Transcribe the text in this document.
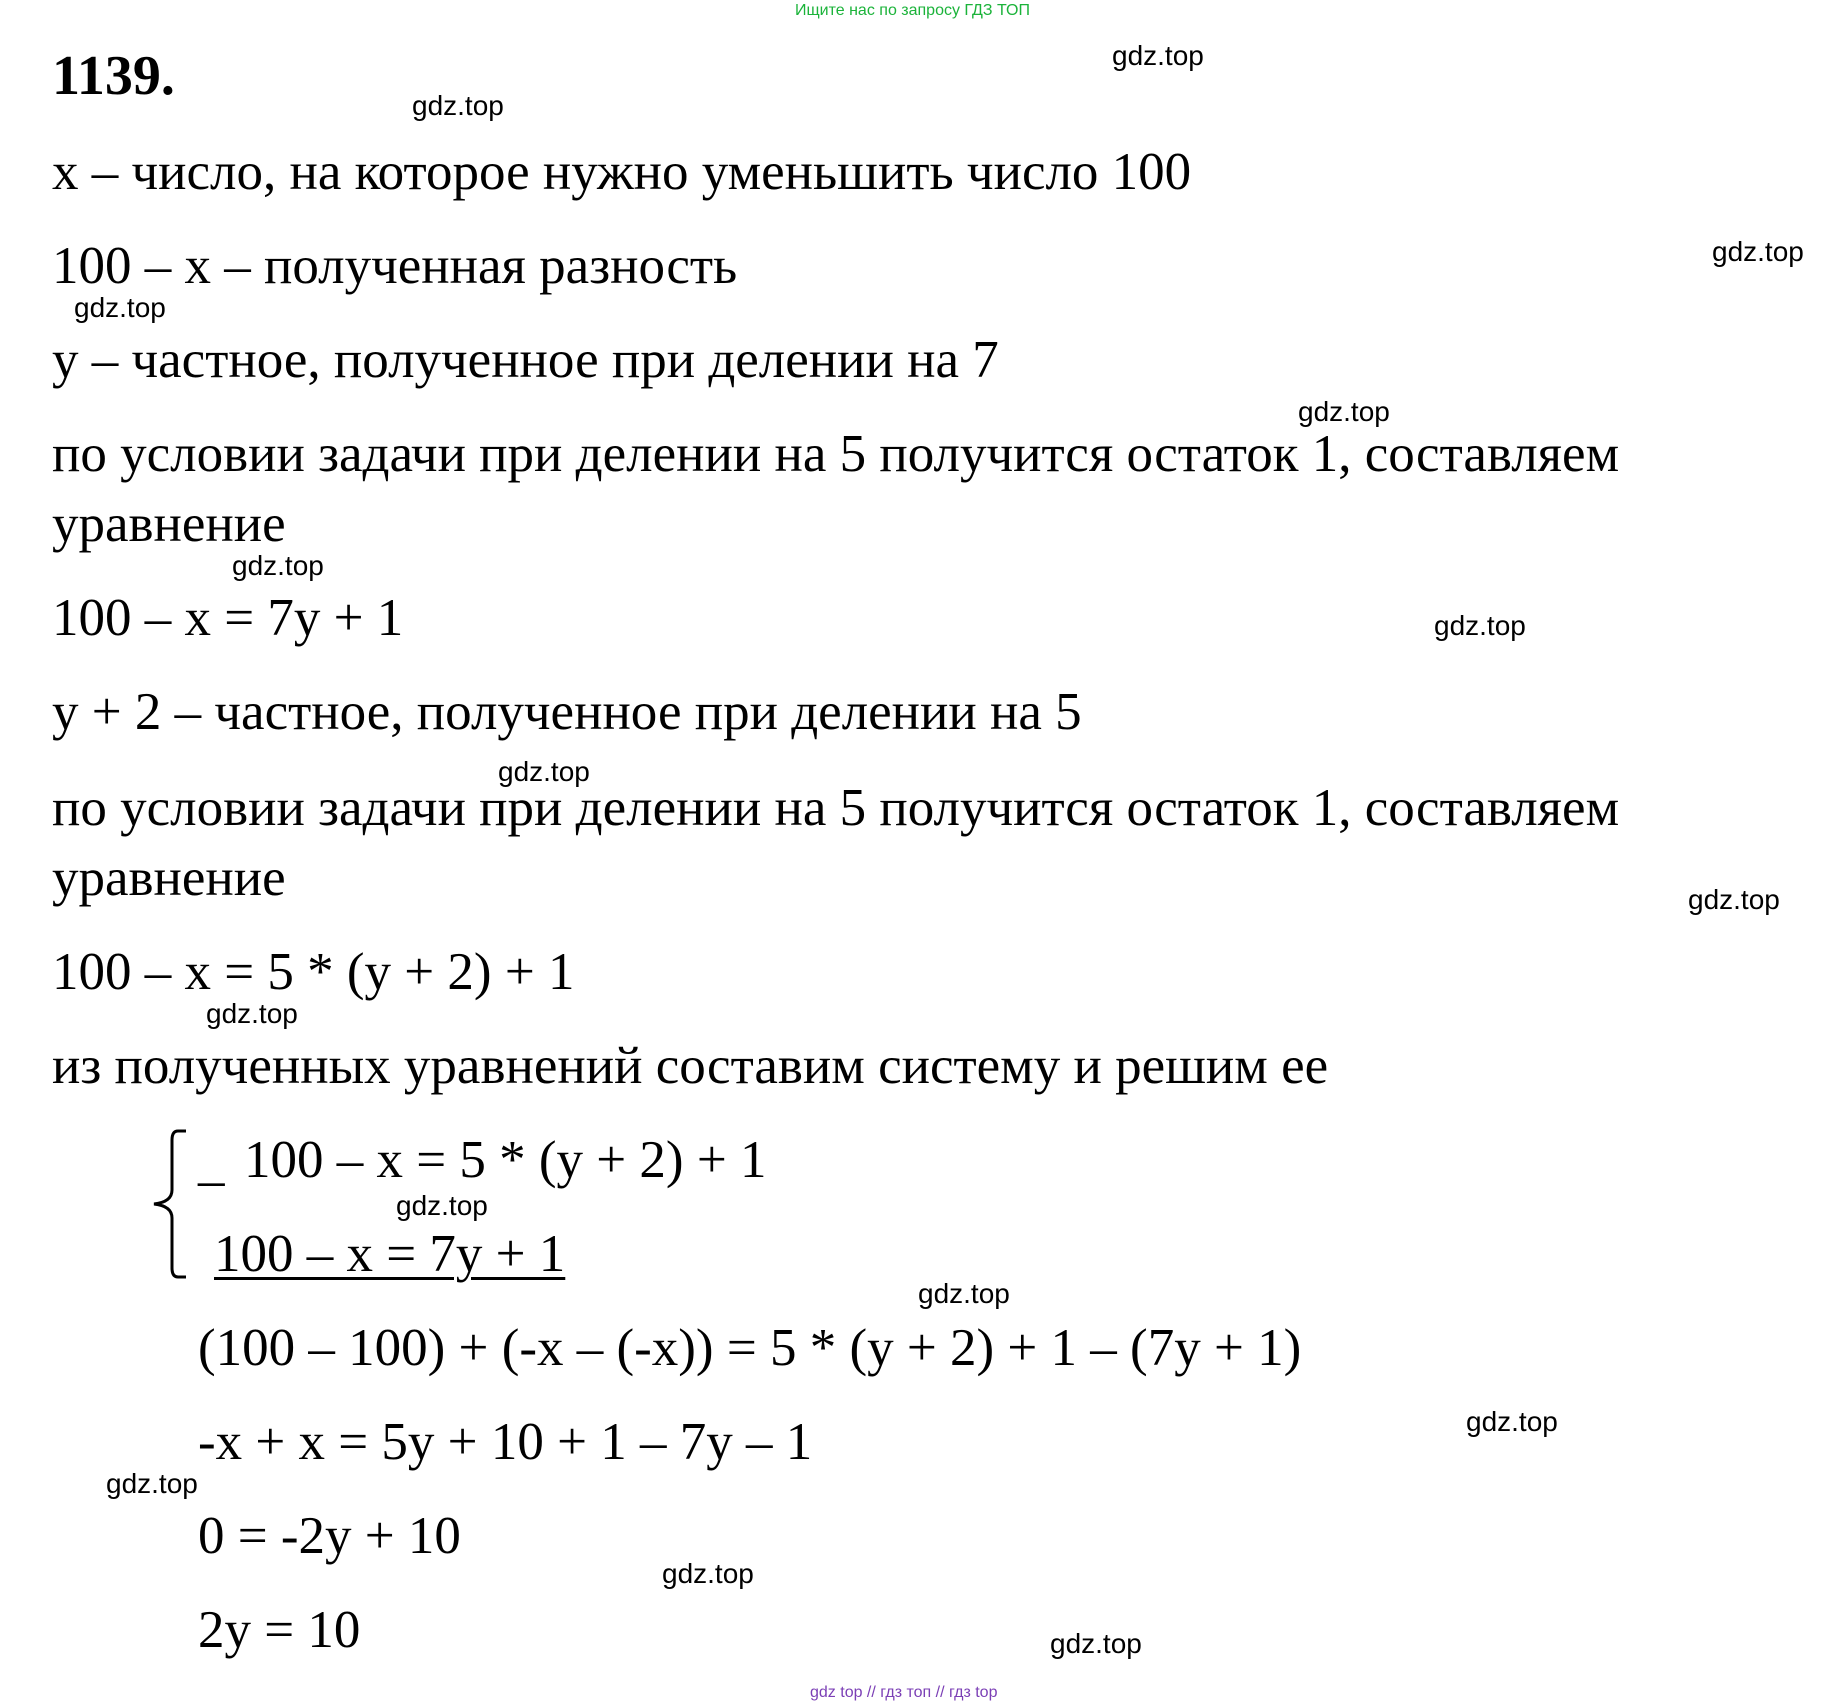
Ищите нас по запросу ГДЗ ТОП
1139.
x – число, на которое нужно уменьшить число 100
100 – x – полученная разность
y – частное, полученное при делении на 7
по условии задачи при делении на 5 получится остаток 1, составляем
уравнение
100 – x = 7y + 1
y + 2 – частное, полученное при делении на 5
по условии задачи при делении на 5 получится остаток 1, составляем
уравнение
100 – x = 5 * (y + 2) + 1
из полученных уравнений составим систему и решим ее
_ 100 – x = 5 * (y + 2) + 1
100 – x = 7y + 1
(100 – 100) + (-x – (-x)) = 5 * (y + 2) + 1 – (7y + 1)
-x + x = 5y + 10 + 1 – 7y – 1
0 = -2y + 10
2y = 10
gdz.top
gdz.top
gdz.top
gdz.top
gdz.top
gdz.top
gdz.top
gdz.top
gdz.top
gdz.top
gdz.top
gdz.top
gdz.top
gdz.top
gdz.top
gdz.top
gdz top // гдз топ // гдз top
